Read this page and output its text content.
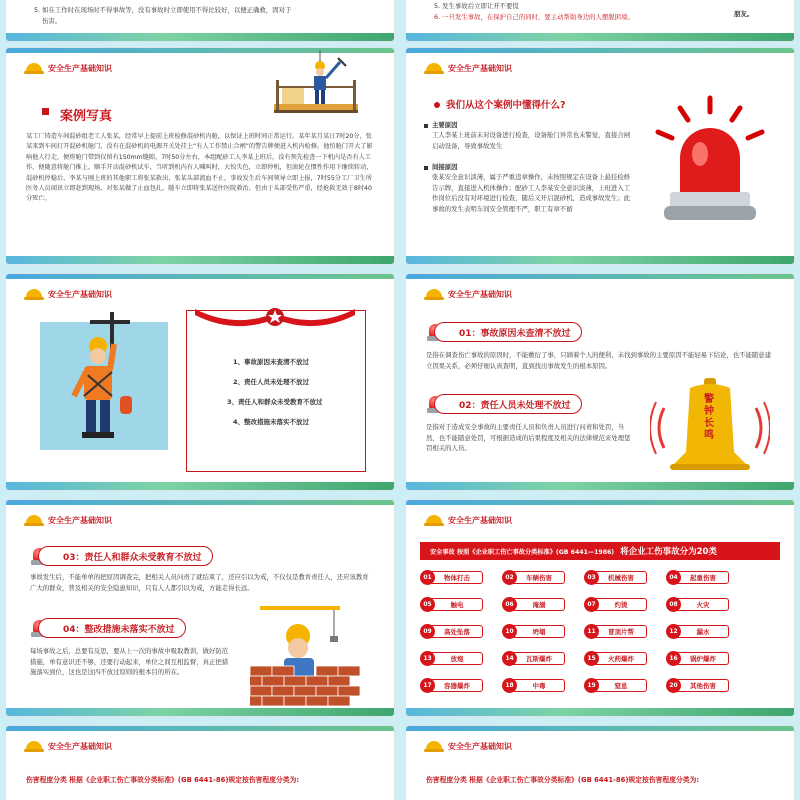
5. 如在工作时在现场时不得事故等，没有事故时立即使用不得比较好，以便正确救，固对于
伤害。
5. 发生事故后立即让开不要慌
6. 一旦发生事故，在保护自己的同时，要主动帮助身边的人摆脱困境。	朋友。
安全生产基础知识
案例写真
某工厂铸造车间混砂组老工人张某，经常早上提前上班检修混砂机内舱，以保证上班时间正常运行。某年某月某日7时20分，张某来到车间打开混砂机舱门，没有在混砂机的电源开关处挂上“有人工作禁止合闸”的警告牌便进入机内检修。他怕舱门开大了影响他人行走，便将舱门带到仅留有150mm缝隙。7时50分左右，本组配砂工人李某上班后，没有预先检查一下机内是否有人工作，便随意将舱门推上，顺手开动混砂机试车，当听到机内有人喊叫时，大惊失色，立即停机，但滚轮在惯性作用下继续转动，混砂机停稳后，李某与刚上班的其他职工将张某救出，张某头部流血不止，事故发生后车间领导立即上报，7时55分工厂卫生所医务人员闻讯立即赶到现场，对张某做了止血包扎，随车立即将张某送往医院救治，但由于头部受伤严重，经抢救无效于8时40分死亡。
安全生产基础知识
我们从这个案例中懂得什么?
主要原因
工人李某上班前未对设备进行检查，设备舱门异常也未警觉，直接合闸启动设备，导致事故发生
间接原因
张某安全意识淡薄，属于严重违章操作，未按照规定在设备上悬挂检修告示牌，直接进入机体操作；配砂工人李某安全意识淡薄，上班进入工作岗位后没有对环境进行检查，随后又开启混砂机，造成事故发生；此事故的发生表明车间安全管理不严，职工有章不循
安全生产基础知识
1、事故原因未查清不放过
2、责任人员未处理不放过
3、责任人和群众未受教育不放过
4、整改措施未落实不放过
安全生产基础知识
01：事故原因未查清不放过
是指在调查伤亡事故的原因时，不能敷衍了事，只顾着个人的便利，未找到事故的主要原因不能轻易下结论，也不能随意建立因果关系，必须仔细认真查明，直到找出事故发生的根本原因。
02：责任人员未处理不放过
是指对于造成安全事故的主要责任人员和负责人员进行问责和处罚，当然，也不能随意处罚，可根据造成的后果程度及相关的法律规范来处理惩罚相关的人员。
警钟长鸣
安全生产基础知识
03：责任人和群众未受教育不放过
事故发生后，不能单单的把原因调查完，把相关人员问责了就结束了，还应引以为戒，不仅仅是教育责任人，还应该教育广大的群众，普及相关的安全隐患知识，只有人人都引以为戒，方能走得长远。
04：整改措施未落实不放过
每场事故之后，总要有反思，要从上一次的事故中吸取教训，做好防范措施，单有意识还不够，还要行动起来，单位之间互相监督，真正把措施落实到位，这也是这四不放过原则的根本目的所在。
安全生产基础知识
安全事故 按照《企业职工伤亡事故分类标准》(GB 6441—1986) 将企业工伤事故分为20类
01	物体打击	02	车辆伤害	03	机械伤害	04	起重伤害
05	触电	06	淹溺	07	灼烫	08	火灾
09	高处坠落	10	坍塌	11	冒顶片帮	12	漏水
13	放炮	14	瓦斯爆炸	15	火药爆炸	16	锅炉爆炸
17	容器爆炸	18	中毒	19	窒息	20	其他伤害
安全生产基础知识
伤害程度分类 根据《企业职工伤亡事故分类标准》(GB 6441-86)规定按伤害程度分类为:
安全生产基础知识
伤害程度分类 根据《企业职工伤亡事故分类标准》(GB 6441-86)规定按伤害程度分类为:
